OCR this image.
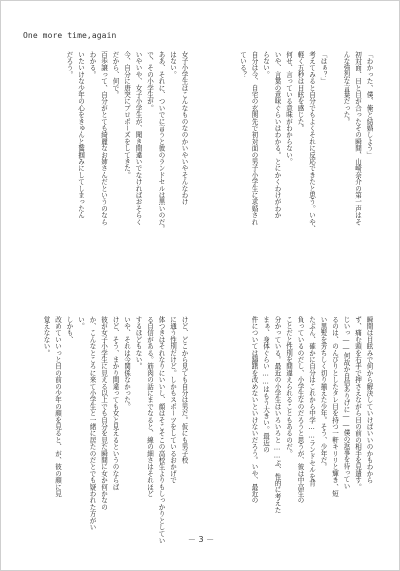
One more time,again
「わかった、僕、俺と結婚しよう」
初対面、目と目が合ったその瞬間、山崎奈介の第一声はそ
んな強烈な言葉だった。

「はぁ？」
考えてみると自分でもよくそれに反応できたと思う。いや、
軽く五秒は目眩を感じた。
何せ、言っている意味がわからない。
いや、言葉の意味ぐらいはわかる。とにかくわけがわか
らない。
自分は今、自宅の玄関先で初対面の男子小学生に求婚され
ている？
女子小学生はこんなものなのかいやいやそんなわけ
はない。
ああ、それに、ついでに言うと彼のランドセルは黒いのだ。
で、その小学生が。
いやいや、女子小学生が、聞き間違いでなければおそらく
今、自分に唐突にプロポーズをしてきた。
だから、何で。
百歩譲って、自分がとても綺麗なお姉さんだというのなら
わかる。
いたいけな少年の心をきゅんと鷲掴みにしてしまったん
だろう。
瞬間は目眩みで何から解決していけばいいのかもわから
ず、痛む頭を右手で押さえながら目の前の相手を見遣す。
じいっ――何故か自信ありげに――僕の返事を待ってい
るのは、のんびりとしたタレ目を持つ一軒キリリと輝き、短
い黒髪を芳ちしく切り揃えた少年。そう、少年だ。
たぶん、確かに自分はこれから中学……ランドセルを背
負っているのだし、小学生なのだろうと思うが、彼は中高生の
ことだと性別を間違えられることもあるのだ。
分かっている。最近の小学生はいろいろと……ぷ、性的に考えた
まぁ、身体ぐらい……はもう大きい。最近の
件については躊躇を改めないといけないだろう。いや、最近の
けど、どこから見ても自分は男だ。仮にも男子校
に通う性別だけど。しかもスポーツをしているおかげで
体つきはそれなりにいいし、顔はそこそこの高校生よりもしっかりとしてい
る自信がある。筋肉の話にまでなると、線の細さはそれほど
するほどもない。
いや、それは今関係なかった。
けど、そう、まかり間違っても女と見えるというのならば
彼が女子小学生に見える以上でも自分を見た瞬間に女か何かなの
か、こんなところに来て小学生と一緒に居たのだとでも疑われた方がい
い。
しかも、
改めていいっと目の前の少年の顔を見ると、が、彼の顔に見
覚えなない。
－ 3 －
